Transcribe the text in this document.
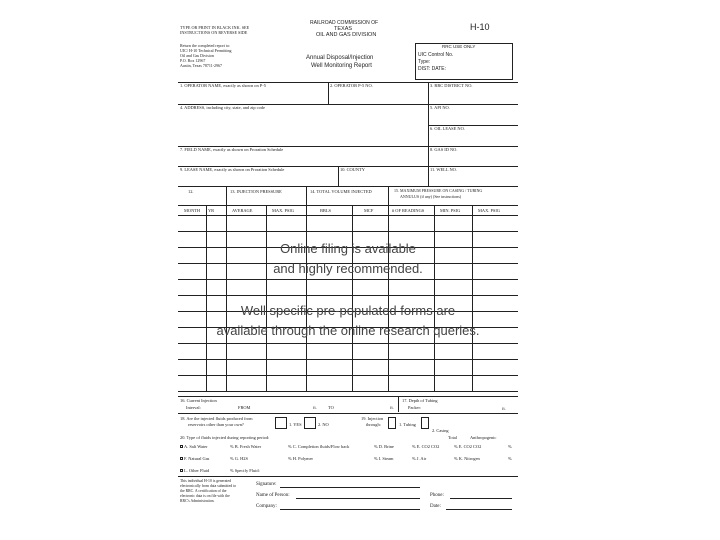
TYPE OR PRINT IN BLACK INK. SEE
INSTRUCTIONS ON REVERSE SIDE
RAILROAD COMMISSION OF
TEXAS
OIL AND GAS DIVISION
H-10
Return the completed report to:
UIC/ H-10 Technical Permitting
Oil and Gas Division
P.O. Box 12967
Austin, Texas 78711-2967
Annual Disposal/Injection
Well Monitoring Report
RRC USE ONLY
UIC Control No.
Type:
DIST: DATE:
1. OPERATOR NAME, exactly as shown on P-5	2. OPERATOR P-5 NO.	3. RRC DISTRICT NO.
4. ADDRESS, including city, state, and zip code	5. API NO.
6. OIL LEASE NO.
7. FIELD NAME, exactly as shown on Proration Schedule	8. GAS ID NO.
9. LEASE NAME, exactly as shown on Proration Schedule	10. COUNTY	11. WELL NO.
12.	13. INJECTION PRESSURE	14. TOTAL VOLUME INJECTED	15. MAXIMUM PRESSURE ON CASING / TUBING
ANNULUS (if any) (See instructions)
MONTH YR	AVERAGE	MAX. PSIG	BBLS	MCF	# OF READINGS	MIN. PSIG	MAX. PSIG
Online filing is available
and highly recommended.
Well specific pre-populated forms are
available through the online research queries.
16. Current Injection
Interval:	FROM	ft.	TO	ft.
17. Depth of Tubing
Packer:	ft.
18. Are the injected fluids produced from
reservoirs other than your own?	1. YES	2. NO
19. Injection
through:	1. Tubing
2. Casing
20. Type of fluids injected during reporting period:	Total	Anthropogenic
A. Salt Water	% B. Fresh Water	% C. Completion fluids/Flow back	% D. Brine	% E. CO2 CO2	% E. CO2 CO2	%
F. Natural Gas	% G. H2S	% H. Polymer	% I. Steam	% J. Air	% K. Nitrogen	%
L. Other Fluid	% Specify Fluid:
This individual H-10 is generated
electronically from data submitted to
the RRC. A certification of the
electronic data is on file with the
RRC's Administration.
Signature:
Name of Person:
Company:
Phone:
Date:
